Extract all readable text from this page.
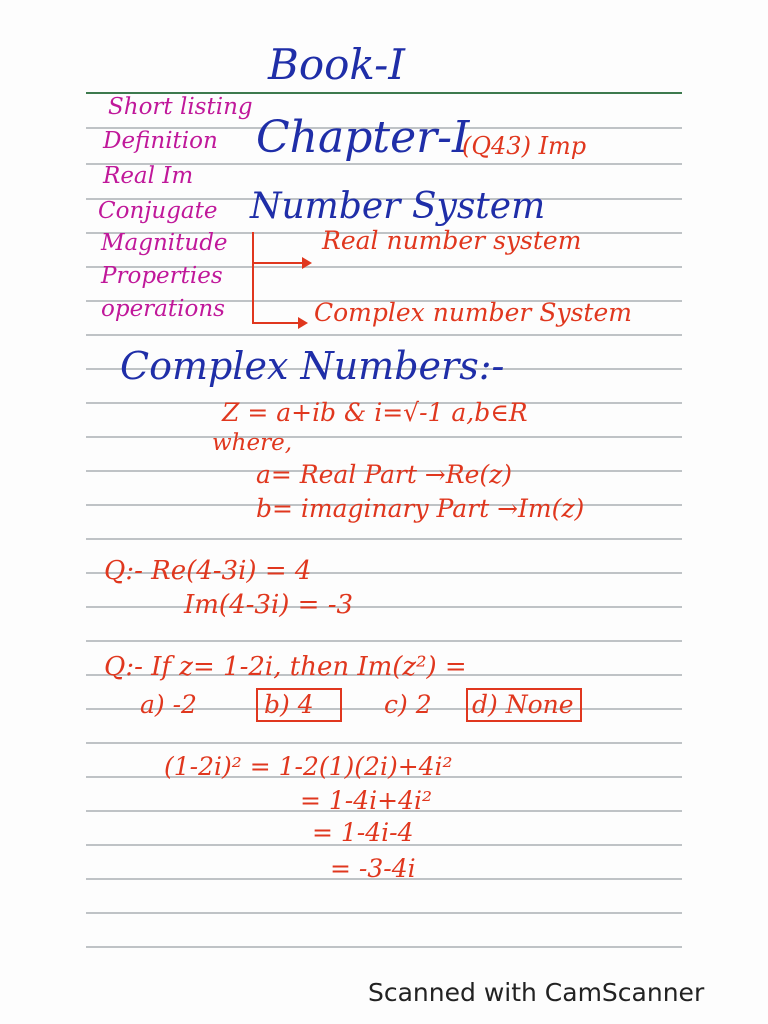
Book-I
Short listing
Definition
Real Im
Conjugate
Magnitude
Properties
operations
Chapter-I
(Q43) Imp
Number System
Real number system
Complex number System
Complex Numbers:-
Z = a+ib & i=√-1 a,b∈R
where,
a= Real Part →Re(z)
b= imaginary Part →Im(z)
Q:- Re(4-3i) = 4
Im(4-3i) = -3
Q:- If z= 1-2i, then Im(z²) =
a) -2	b) 4	c) 2 d) None
(1-2i)² = 1-2(1)(2i)+4i²
= 1-4i+4i²
= 1-4i-4
= -3-4i
Scanned with CamScanner
